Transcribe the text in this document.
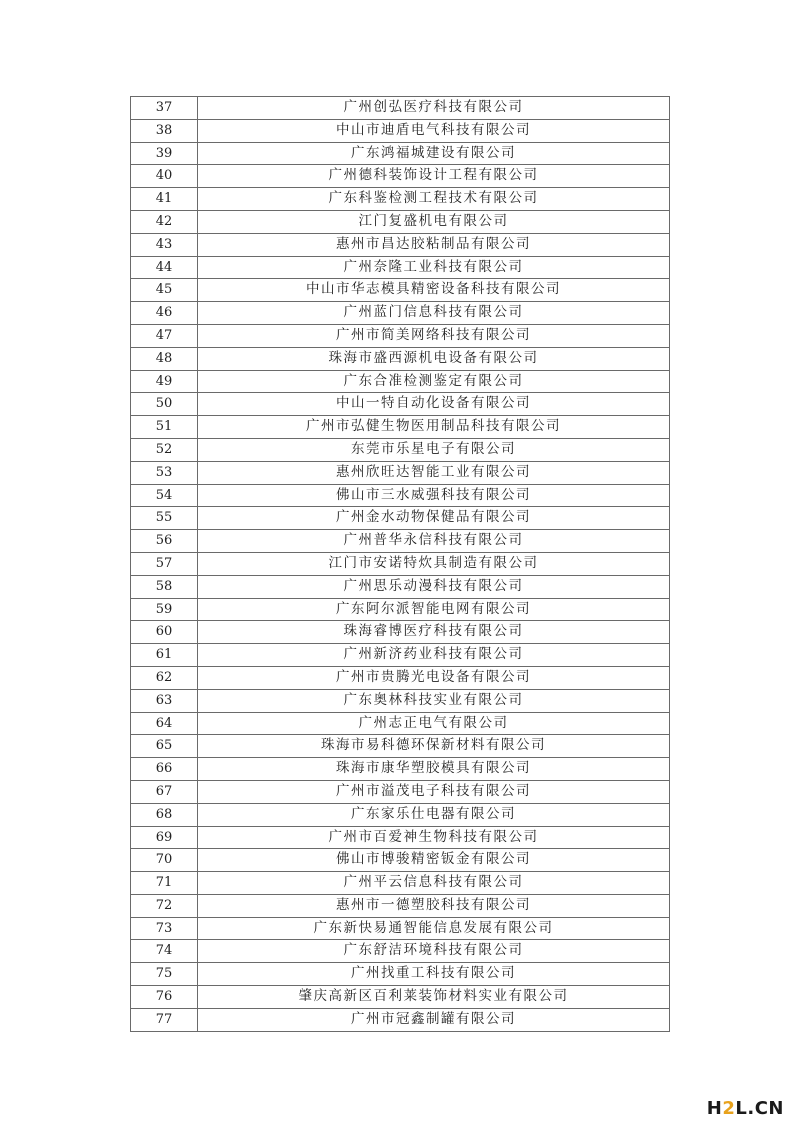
37	广州创弘医疗科技有限公司
38	中山市迪盾电气科技有限公司
39	广东鸿福城建设有限公司
40	广州德科装饰设计工程有限公司
41	广东科鉴检测工程技术有限公司
42	江门复盛机电有限公司
43	惠州市昌达胶粘制品有限公司
44	广州奈隆工业科技有限公司
45	中山市华志模具精密设备科技有限公司
46	广州蓝门信息科技有限公司
47	广州市简美网络科技有限公司
48	珠海市盛西源机电设备有限公司
49	广东合准检测鉴定有限公司
50	中山一特自动化设备有限公司
51	广州市弘健生物医用制品科技有限公司
52	东莞市乐星电子有限公司
53	惠州欣旺达智能工业有限公司
54	佛山市三水威强科技有限公司
55	广州金水动物保健品有限公司
56	广州普华永信科技有限公司
57	江门市安诺特炊具制造有限公司
58	广州思乐动漫科技有限公司
59	广东阿尔派智能电网有限公司
60	珠海睿博医疗科技有限公司
61	广州新济药业科技有限公司
62	广州市贵腾光电设备有限公司
63	广东奥林科技实业有限公司
64	广州志正电气有限公司
65	珠海市易科德环保新材料有限公司
66	珠海市康华塑胶模具有限公司
67	广州市溢茂电子科技有限公司
68	广东家乐仕电器有限公司
69	广州市百爱神生物科技有限公司
70	佛山市博骏精密钣金有限公司
71	广州平云信息科技有限公司
72	惠州市一德塑胶科技有限公司
73	广东新快易通智能信息发展有限公司
74	广东舒洁环境科技有限公司
75	广州找重工科技有限公司
76	肇庆高新区百利莱装饰材料实业有限公司
77	广州市冠鑫制罐有限公司
H2L.CN
